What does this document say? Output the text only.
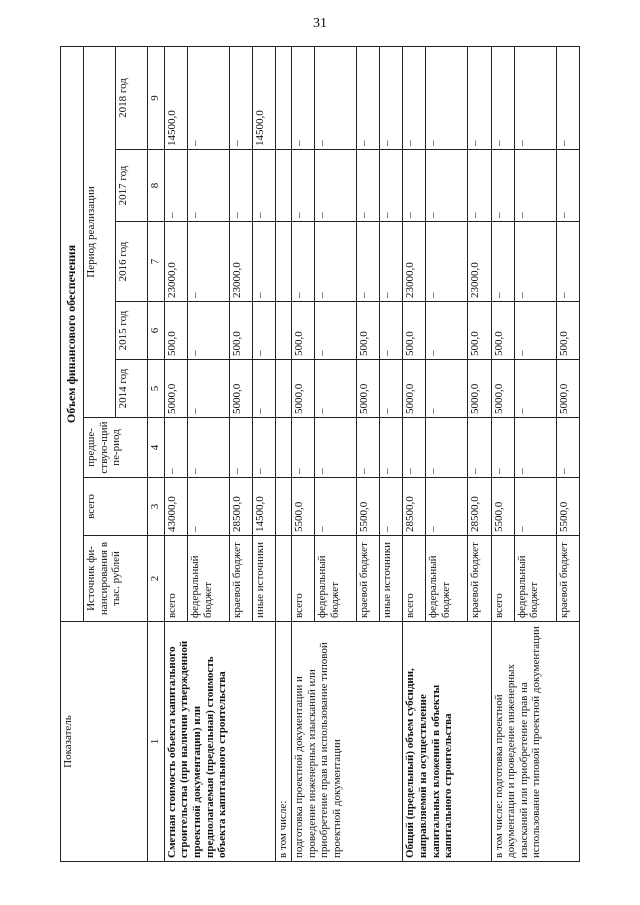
31
Показатель	Объем финансового обеспечения							
	Источник фи-нансирования в тыс. рублей	всего	предше-ствую-щий пе-риод	Период реализации				
				2014 год	2015 год	2016 год	2017 год	2018 год
1	2	3	4	5	6	7	8	9
Сметная стоимость объекта капитального строительства (при наличии утвержденной проектной документации) или предполагаемая (предельная) стоимость объекта капитального строительства	всего	43000,0	–	5000,0	500,0	23000,0	–	14500,0
	федеральный бюджет	–	–	–	–	–	–	–
	краевой бюджет	28500,0	–	5000,0	500,0	23000,0	–	–
	иные источники	14500,0	–	–	–	–	–	14500,0
в том числе:								
подготовка проектной документации и проведение инженерных изысканий или приобретение прав на использование типовой проектной документации	всего	5500,0	–	5000,0	500,0	–	–	–
	федеральный бюджет	–	–	–	–	–	–	–
	краевой бюджет	5500,0	–	5000,0	500,0	–	–	–
	иные источники	–	–	–	–	–	–	–
Общий (предельный) объем субсидии, направляемой на осуществление капитальных вложений в объекты капитального строительства	всего	28500,0	–	5000,0	500,0	23000,0	–	–
	федеральный бюджет	–	–	–	–	–	–	–
	краевой бюджет	28500,0	–	5000,0	500,0	23000,0	–	–
в том числе: подготовка проектной документации и проведение инженерных изысканий или приобретение прав на использование типовой проектной документации	всего	5500,0	–	5000,0	500,0	–	–	–
	федеральный бюджет	–	–	–	–	–	–	–
	краевой бюджет	5500,0	–	5000,0	500,0	–	–	–
